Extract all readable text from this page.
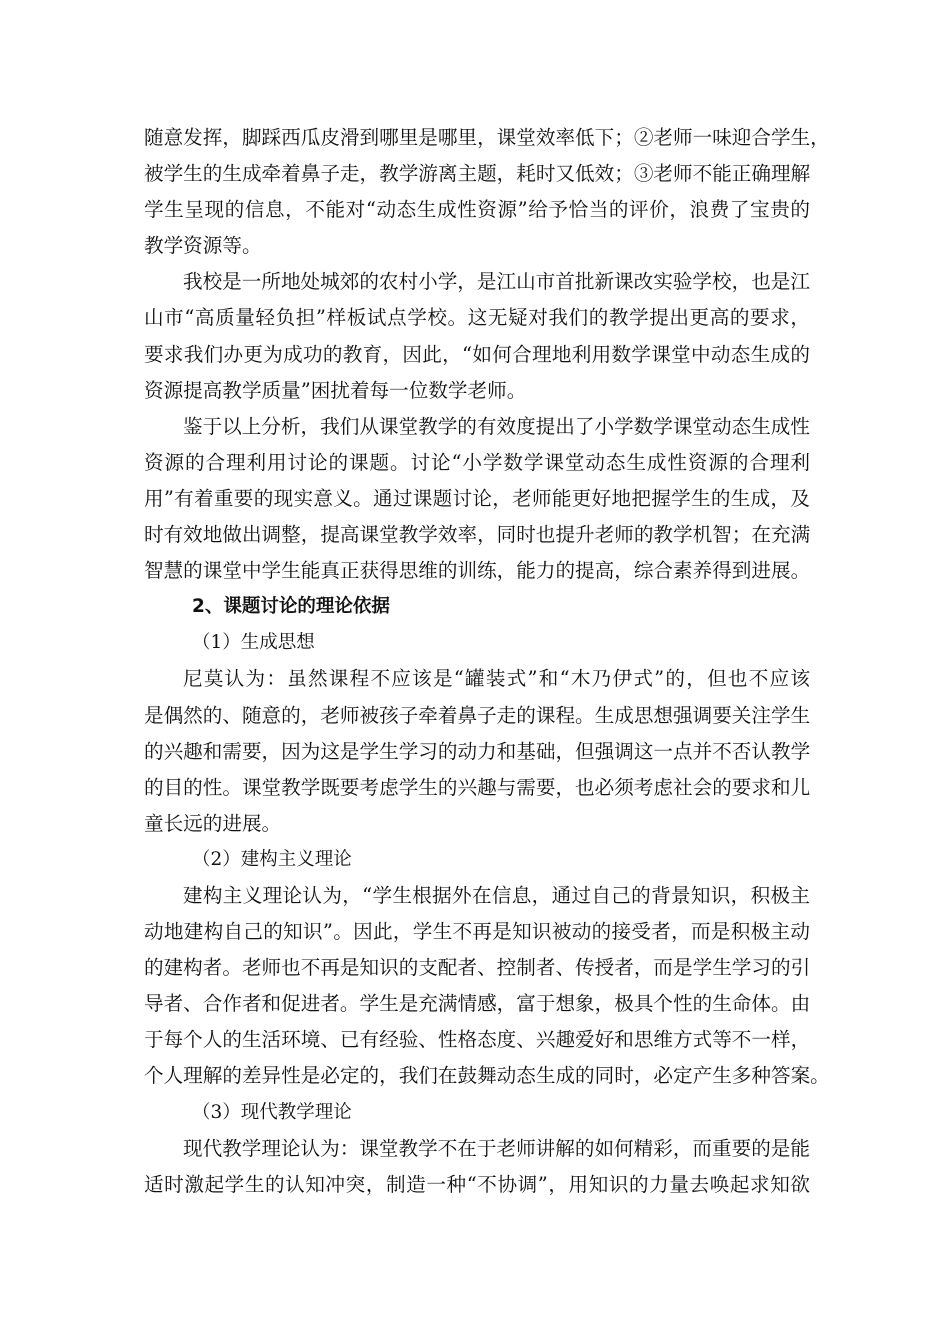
随意发挥，脚踩西瓜皮滑到哪里是哪里，课堂效率低下；②老师一味迎合学生，
被学生的生成牵着鼻子走，教学游离主题，耗时又低效；③老师不能正确理解
学生呈现的信息，不能对“动态生成性资源”给予恰当的评价，浪费了宝贵的
教学资源等。
我校是一所地处城郊的农村小学，是江山市首批新课改实验学校，也是江
山市“高质量轻负担”样板试点学校。这无疑对我们的教学提出更高的要求，
要求我们办更为成功的教育，因此，“如何合理地利用数学课堂中动态生成的
资源提高教学质量”困扰着每一位数学老师。
鉴于以上分析，我们从课堂教学的有效度提出了小学数学课堂动态生成性
资源的合理利用讨论的课题。讨论“小学数学课堂动态生成性资源的合理利
用”有着重要的现实意义。通过课题讨论，老师能更好地把握学生的生成，及
时有效地做出调整，提高课堂教学效率，同时也提升老师的教学机智；在充满
智慧的课堂中学生能真正获得思维的训练，能力的提高，综合素养得到进展。
2、课题讨论的理论依据
（1）生成思想
尼莫认为：虽然课程不应该是“罐装式”和“木乃伊式”的，但也不应该
是偶然的、随意的，老师被孩子牵着鼻子走的课程。生成思想强调要关注学生
的兴趣和需要，因为这是学生学习的动力和基础，但强调这一点并不否认教学
的目的性。课堂教学既要考虑学生的兴趣与需要，也必须考虑社会的要求和儿
童长远的进展。
（2）建构主义理论
建构主义理论认为，“学生根据外在信息，通过自己的背景知识，积极主
动地建构自己的知识”。因此，学生不再是知识被动的接受者，而是积极主动
的建构者。老师也不再是知识的支配者、控制者、传授者，而是学生学习的引
导者、合作者和促进者。学生是充满情感，富于想象，极具个性的生命体。由
于每个人的生活环境、已有经验、性格态度、兴趣爱好和思维方式等不一样，
个人理解的差异性是必定的，我们在鼓舞动态生成的同时，必定产生多种答案。
（3）现代教学理论
现代教学理论认为：课堂教学不在于老师讲解的如何精彩，而重要的是能
适时激起学生的认知冲突，制造一种“不协调”，用知识的力量去唤起求知欲
